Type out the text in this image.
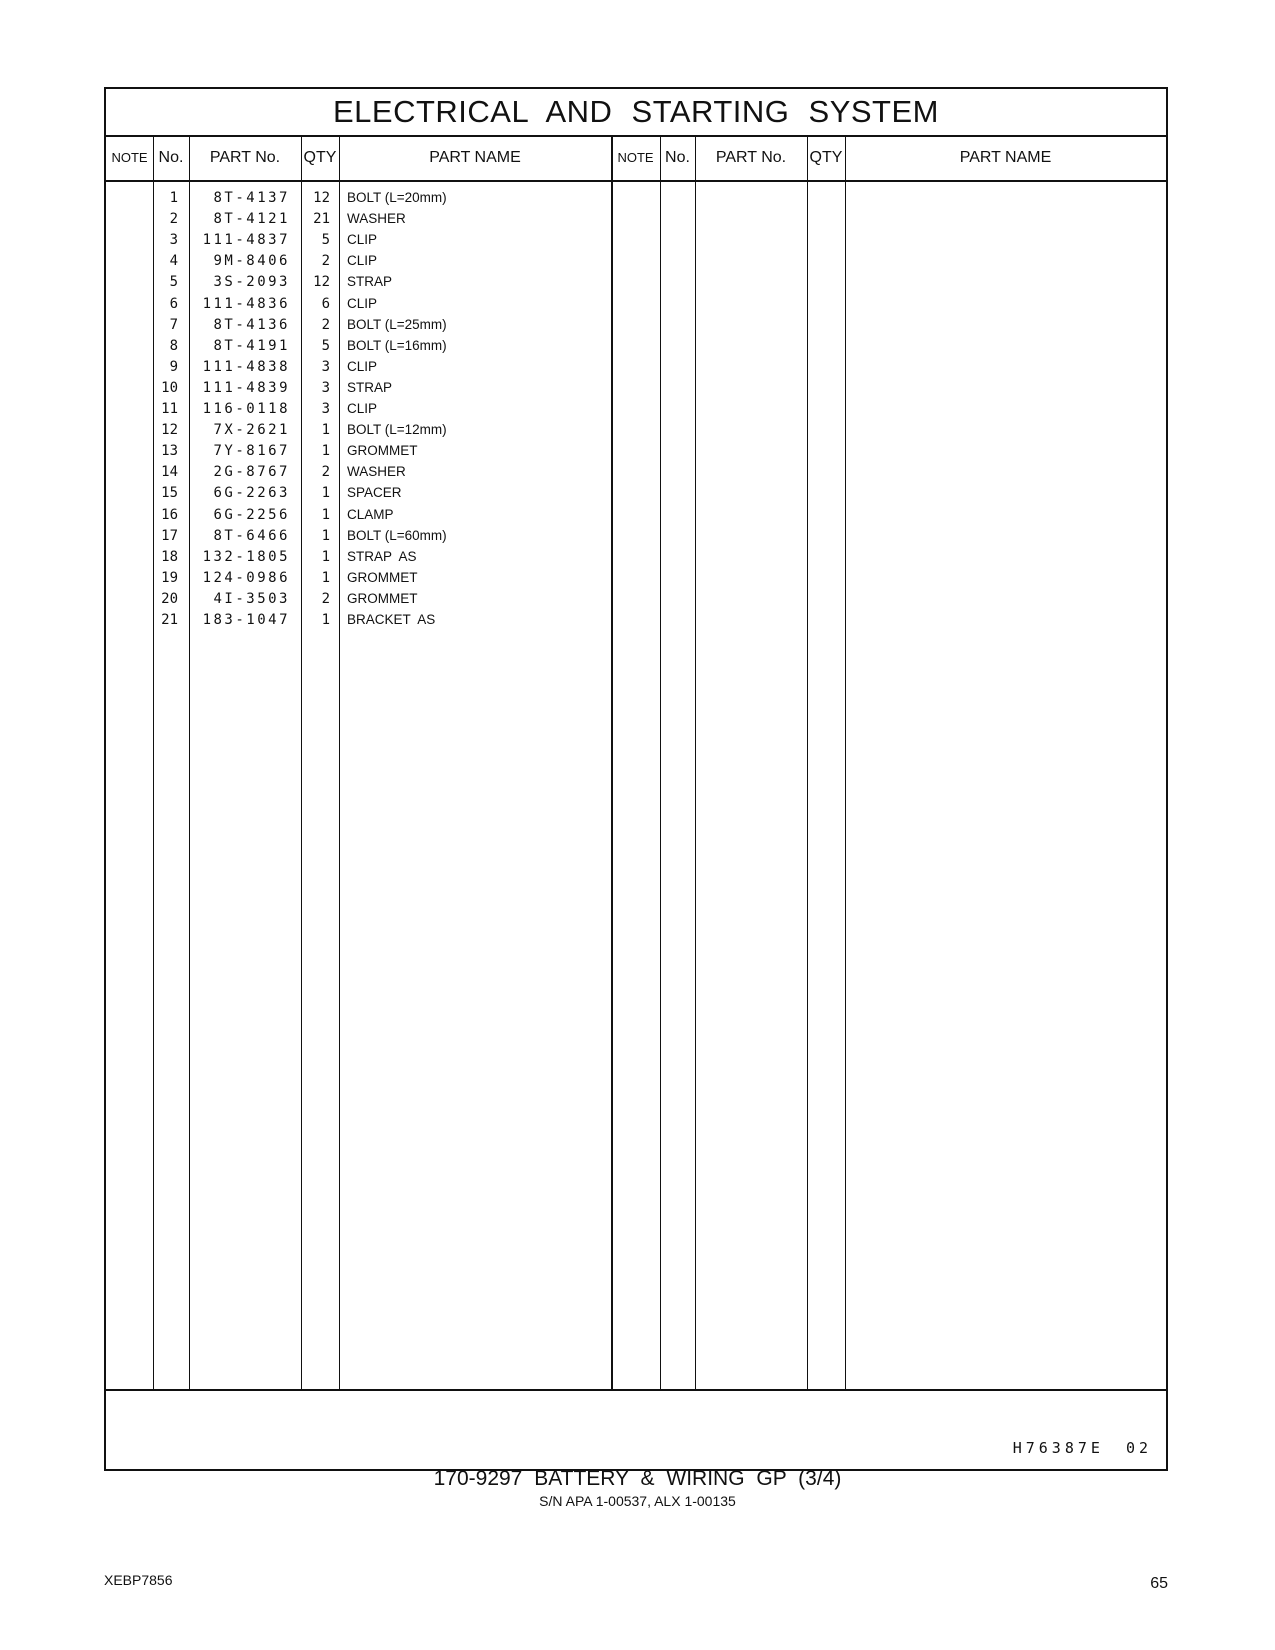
ELECTRICAL AND STARTING SYSTEM
NOTE No.	PART No.	QTY	PART NAME	NOTE No.	PART No.	QTY	PART NAME
1	8T-4137	12 BOLT (L=20mm)
2	8T-4121	21 WASHER
3	111-4837	5 CLIP
4	9M-8406	2 CLIP
5	3S-2093	12 STRAP
6	111-4836	6 CLIP
7	8T-4136	2 BOLT (L=25mm)
8	8T-4191	5 BOLT (L=16mm)
9	111-4838	3 CLIP
10	111-4839	3 STRAP
11	116-0118	3 CLIP
12	7X-2621	1 BOLT (L=12mm)
13	7Y-8167	1 GROMMET
14	2G-8767	2 WASHER
15	6G-2263	1 SPACER
16	6G-2256	1 CLAMP
17	8T-6466	1 BOLT (L=60mm)
18	132-1805	1 STRAP  AS
19	124-0986	1 GROMMET
20	4I-3503	2 GROMMET
21	183-1047	1 BRACKET  AS
H76387E 02
170-9297 BATTERY & WIRING GP (3/4)
S/N APA 1-00537, ALX 1-00135
XEBP7856	65
